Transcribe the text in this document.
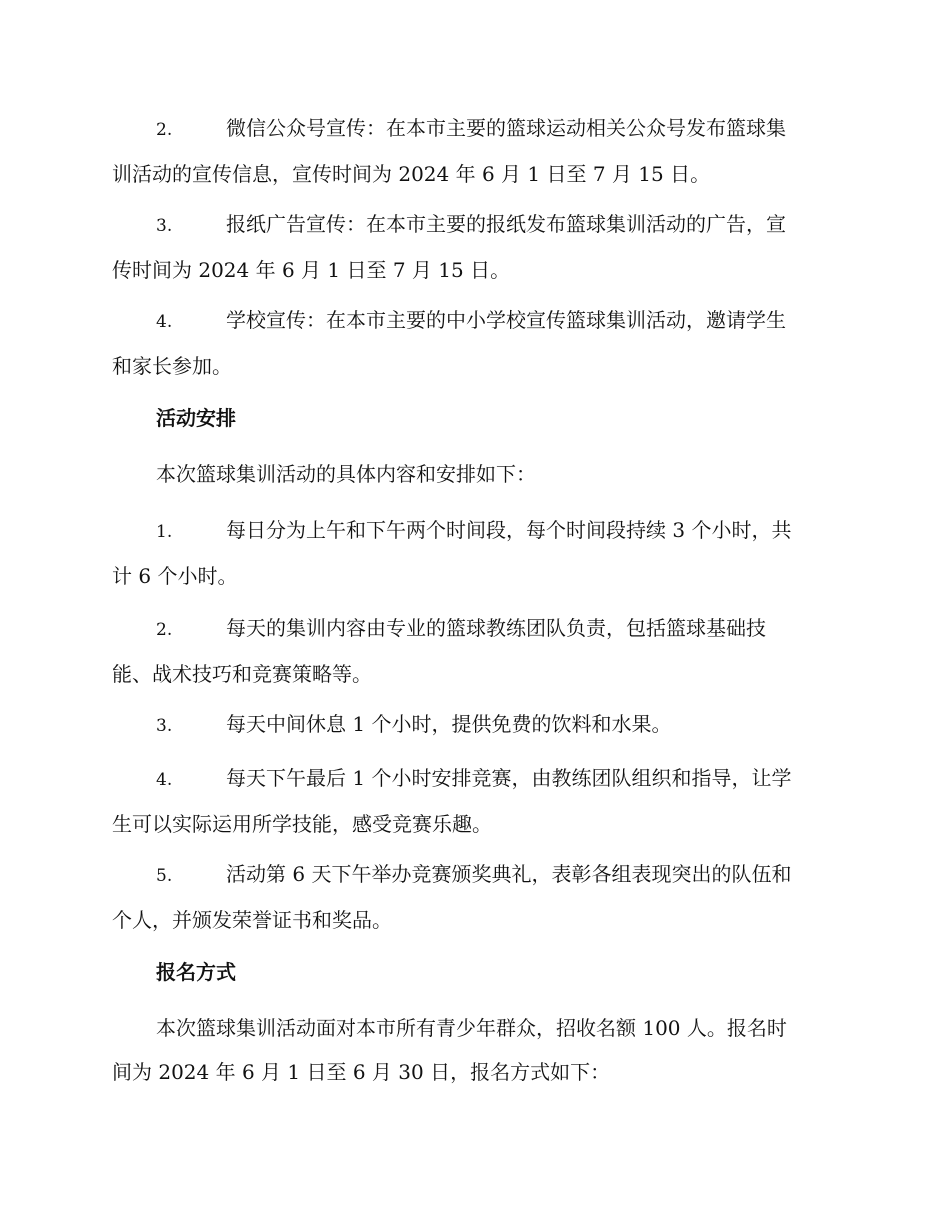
2.	微信公众号宣传：在本市主要的篮球运动相关公众号发布篮球集
训活动的宣传信息，宣传时间为 2024 年 6 月 1 日至 7 月 15 日。
3.	报纸广告宣传：在本市主要的报纸发布篮球集训活动的广告，宣
传时间为 2024 年 6 月 1 日至 7 月 15 日。
4.	学校宣传：在本市主要的中小学校宣传篮球集训活动，邀请学生
和家长参加。
活动安排
本次篮球集训活动的具体内容和安排如下：
1.	每日分为上午和下午两个时间段，每个时间段持续 3 个小时，共
计 6 个小时。
2.	每天的集训内容由专业的篮球教练团队负责，包括篮球基础技
能、战术技巧和竞赛策略等。
3.	每天中间休息 1 个小时，提供免费的饮料和水果。
4.	每天下午最后 1 个小时安排竞赛，由教练团队组织和指导，让学
生可以实际运用所学技能，感受竞赛乐趣。
5.	活动第 6 天下午举办竞赛颁奖典礼，表彰各组表现突出的队伍和
个人，并颁发荣誉证书和奖品。
报名方式
本次篮球集训活动面对本市所有青少年群众，招收名额 100 人。报名时
间为 2024 年 6 月 1 日至 6 月 30 日，报名方式如下：
